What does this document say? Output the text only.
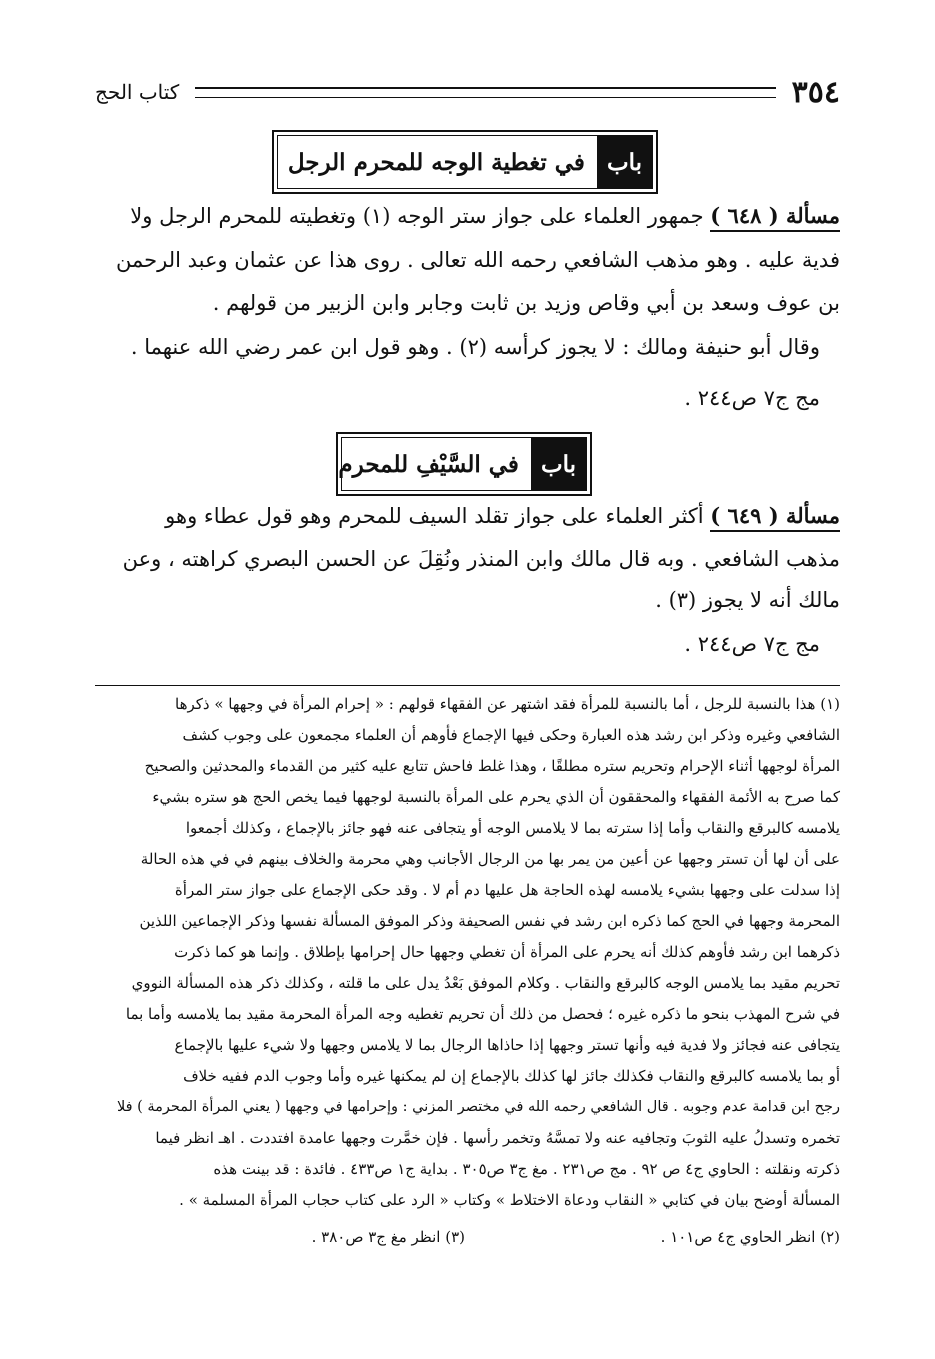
٣٥٤
كتاب الحج
باب
في تغطية الوجه للمحرم الرجل
مسألة ( ٦٤٨ ) جمهور العلماء على جواز ستر الوجه (١) وتغطيته للمحرم الرجل ولا
فدية عليه . وهو مذهب الشافعي رحمه الله تعالى . روى هذا عن عثمان وعبد الرحمن
بن عوف وسعد بن أبي وقاص وزيد بن ثابت وجابر وابن الزبير من قولهم .
وقال أبو حنيفة ومالك : لا يجوز كرأسه (٢) . وهو قول ابن عمر رضي الله عنهما .
مج ج٧ ص٢٤٤ .
باب
في السَّيْفِ للمحرم
مسألة ( ٦٤٩ ) أكثر العلماء على جواز تقلد السيف للمحرم وهو قول عطاء وهو
مذهب الشافعي . وبه قال مالك وابن المنذر ونُقِلَ عن الحسن البصري كراهته ، وعن
مالك أنه لا يجوز (٣) .
مج ج٧ ص٢٤٤ .
(١) هذا بالنسبة للرجل ، أما بالنسبة للمرأة فقد اشتهر عن الفقهاء قولهم : « إحرام المرأة في وجهها » ذكرها
الشافعي وغيره وذكر ابن رشد هذه العبارة وحكى فيها الإجماع فأوهم أن العلماء مجمعون على وجوب كشف
المرأة لوجهها أثناء الإحرام وتحريم ستره مطلقًا ، وهذا غلط فاحش تتابع عليه كثير من القدماء والمحدثين والصحيح
كما صرح به الأئمة الفقهاء والمحققون أن الذي يحرم على المرأة بالنسبة لوجهها فيما يخص الحج هو ستره بشيء
يلامسه كالبرقع والنقاب وأما إذا سترته بما لا يلامس الوجه أو يتجافى عنه فهو جائز بالإجماع ، وكذلك أجمعوا
على أن لها أن تستر وجهها عن أعين من يمر بها من الرجال الأجانب وهي محرمة والخلاف بينهم في في هذه الحالة
إذا سدلت على وجهها بشيء يلامسه لهذه الحاجة هل عليها دم أم لا . وقد حكى الإجماع على جواز ستر المرأة
المحرمة وجهها في الحج كما ذكره ابن رشد في نفس الصحيفة وذكر الموفق المسألة نفسها وذكر الإجماعين اللذين
ذكرهما ابن رشد فأوهم كذلك أنه يحرم على المرأة أن تغطي وجهها حال إحرامها بإطلاق . وإنما هو كما ذكرت
تحريم مقيد بما يلامس الوجه كالبرقع والنقاب . وكلام الموفق بَعْدُ يدل على ما قلته ، وكذلك ذكر هذه المسألة النووي
في شرح المهذب بنحو ما ذكره غيره ؛ فحصل من ذلك أن تحريم تغطيه وجه المرأة المحرمة مقيد بما يلامسه وأما بما
يتجافى عنه فجائز ولا فدية فيه وأنها تستر وجهها إذا حاذاها الرجال بما لا يلامس وجهها ولا شيء عليها بالإجماع
أو بما يلامسه كالبرقع والنقاب فكذلك جائز لها كذلك بالإجماع إن لم يمكنها غيره وأما وجوب الدم ففيه خلاف
رجح ابن قدامة عدم وجوبه . قال الشافعي رحمه الله في مختصر المزني : وإحرامها في وجهها ( يعني المرأة المحرمة ) فلا
تخمره وتسدلُ عليه الثوبَ وتجافيه عنه ولا تمسَّهُ وتخمر رأسها . فإن خمَّرت وجهها عامدة افتددت . اهـ انظر فيما
ذكرته ونقلته : الحاوي ج٤ ص ٩٢ . مج ص٢٣١ . مغ ج٣ ص٣٠٥ . بداية ج١ ص٤٣٣ . فائدة : قد بينت هذه
المسألة أوضح بيان في كتابي « النقاب ودعاة الاختلاط » وكتاب « الرد على كتاب حجاب المرأة المسلمة » .
(٢) انظر الحاوي ج٤ ص١٠١ .
(٣) انظر مغ ج٣ ص٣٨٠ .
